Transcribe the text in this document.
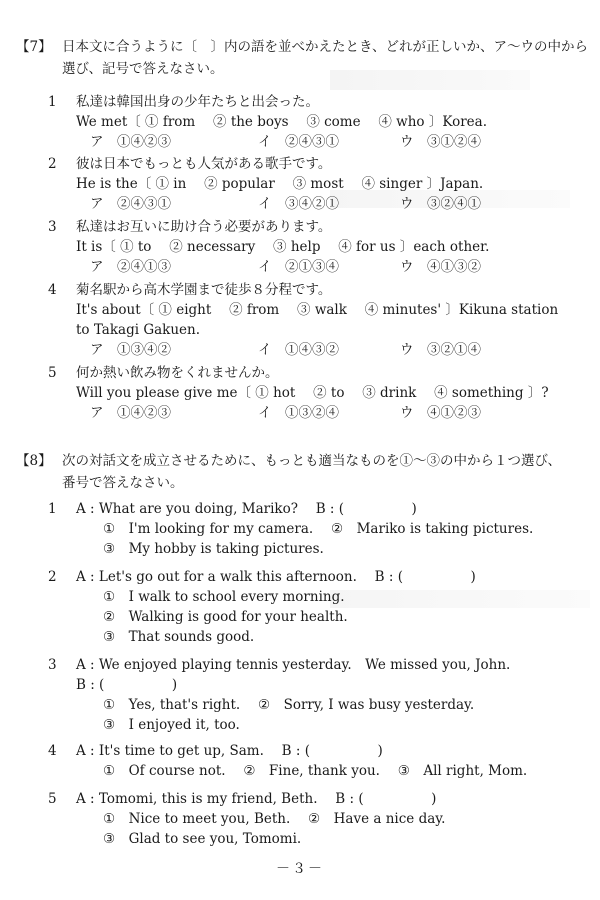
【7】 日本文に合うように〔　〕内の語を並べかえたとき、どれが正しいか、ア～ウの中から
選び、記号で答えなさい。
1 私達は韓国出身の少年たちと出会った。
We met〔 ① from　 ② the boys　 ③ come　 ④ who 〕Korea.
ア　①④②③	イ　②④③①	ウ　③①②④
2 彼は日本でもっとも人気がある歌手です。
He is the〔 ① in　 ② popular　 ③ most　 ④ singer 〕Japan.
ア　②④③①	イ　③④②①	ウ　③②④①
3 私達はお互いに助け合う必要があります。
It is〔 ① to　 ② necessary　 ③ help　 ④ for us 〕each other.
ア　②④①③	イ　②①③④	ウ　④①③②
4 菊名駅から高木学園まで徒歩８分程です。
It's about〔 ① eight　 ② from　 ③ walk　 ④ minutes' 〕Kikuna station
to Takagi Gakuen.
ア　①③④②	イ　①④③②	ウ　③②①④
5 何か熱い飲み物をくれませんか。
Will you please give me〔 ① hot　 ② to　 ③ drink　 ④ something 〕?
ア　①④②③	イ　①③②④	ウ　④①②③
【8】 次の対話文を成立させるために、もっとも適当なものを①～③の中から１つ選び、
番号で答えなさい。
1 A : What are you doing, Mariko?　 B : (　　　　　)
①　I'm looking for my camera.　 ②　Mariko is taking pictures.
③　My hobby is taking pictures.
2 A : Let's go out for a walk this afternoon.　 B : (　　　　　)
①　I walk to school every morning.
②　Walking is good for your health.
③　That sounds good.
3 A : We enjoyed playing tennis yesterday.　We missed you, John.
B : (　　　　　)
①　Yes, that's right.　 ②　Sorry, I was busy yesterday.
③　I enjoyed it, too.
4 A : It's time to get up, Sam.　 B : (　　　　　)
①　Of course not.　 ②　Fine, thank you.　 ③　All right, Mom.
5 A : Tomomi, this is my friend, Beth.　 B : (　　　　　)
①　Nice to meet you, Beth.　 ②　Have a nice day.
③　Glad to see you, Tomomi.
－３－
